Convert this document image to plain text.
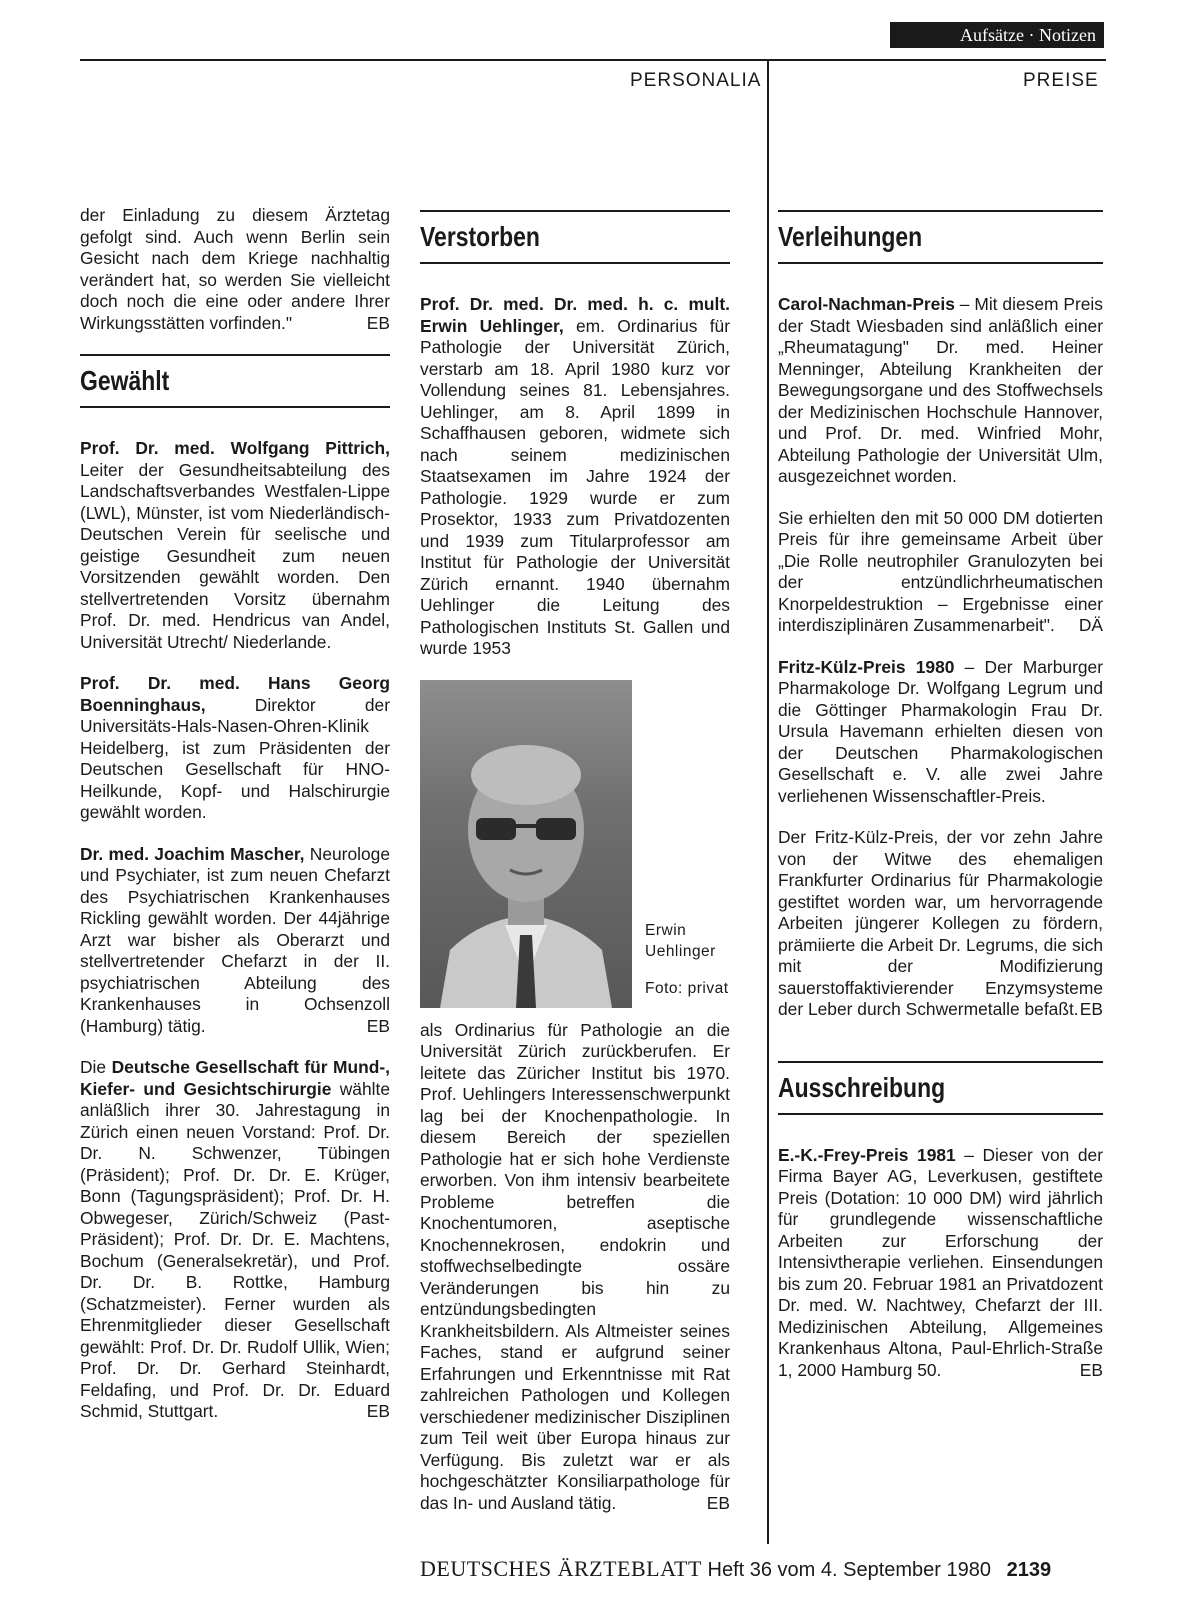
Aufsätze · Notizen
PERSONALIA	PREISE

der Einladung zu diesem Ärztetag gefolgt sind. Auch wenn Berlin sein Gesicht nach dem Kriege nachhaltig verändert hat, so werden Sie vielleicht doch noch die eine oder andere Ihrer Wirkungsstätten vorfinden."	EB

Gewählt

Prof. Dr. med. Wolfgang Pittrich, Leiter der Gesundheitsabteilung des Landschaftsverbandes Westfalen-Lippe (LWL), Münster, ist vom Niederländisch-Deutschen Verein für seelische und geistige Gesundheit zum neuen Vorsitzenden gewählt worden. Den stellvertretenden Vorsitz übernahm Prof. Dr. med. Hendricus van Andel, Universität Utrecht/ Niederlande.

Prof. Dr. med. Hans Georg Boenninghaus, Direktor der Universitäts-Hals-Nasen-Ohren-Klinik Heidelberg, ist zum Präsidenten der Deutschen Gesellschaft für HNO-Heilkunde, Kopf- und Halschirurgie gewählt worden.

Dr. med. Joachim Mascher, Neurologe und Psychiater, ist zum neuen Chefarzt des Psychiatrischen Krankenhauses Rickling gewählt worden. Der 44jährige Arzt war bisher als Oberarzt und stellvertretender Chefarzt in der II. psychiatrischen Abteilung des Krankenhauses in Ochsenzoll (Hamburg) tätig.	EB

Die Deutsche Gesellschaft für Mund-, Kiefer- und Gesichtschirurgie wählte anläßlich ihrer 30. Jahrestagung in Zürich einen neuen Vorstand: Prof. Dr. Dr. N. Schwenzer, Tübingen (Präsident); Prof. Dr. Dr. E. Krüger, Bonn (Tagungspräsident); Prof. Dr. H. Obwegeser, Zürich/Schweiz (Past-Präsident); Prof. Dr. Dr. E. Machtens, Bochum (Generalsekretär), und Prof. Dr. Dr. B. Rottke, Hamburg (Schatzmeister). Ferner wurden als Ehrenmitglieder dieser Gesellschaft gewählt: Prof. Dr. Dr. Rudolf Ullik, Wien; Prof. Dr. Dr. Gerhard Steinhardt, Feldafing, und Prof. Dr. Dr. Eduard Schmid, Stuttgart.	EB

Verstorben

Prof. Dr. med. Dr. med. h. c. mult. Erwin Uehlinger, em. Ordinarius für Pathologie der Universität Zürich, verstarb am 18. April 1980 kurz vor Vollendung seines 81. Lebensjahres. Uehlinger, am 8. April 1899 in Schaffhausen geboren, widmete sich nach seinem medizinischen Staatsexamen im Jahre 1924 der Pathologie. 1929 wurde er zum Prosektor, 1933 zum Privatdozenten und 1939 zum Titularprofessor am Institut für Pathologie der Universität Zürich ernannt. 1940 übernahm Uehlinger die Leitung des Pathologischen Instituts St. Gallen und wurde 1953

Erwin
Uehlinger
Foto: privat

als Ordinarius für Pathologie an die Universität Zürich zurückberufen. Er leitete das Züricher Institut bis 1970. Prof. Uehlingers Interessenschwerpunkt lag bei der Knochenpathologie. In diesem Bereich der speziellen Pathologie hat er sich hohe Verdienste erworben. Von ihm intensiv bearbeitete Probleme betreffen die Knochentumoren, aseptische Knochennekrosen, endokrin und stoffwechselbedingte ossäre Veränderungen bis hin zu entzündungsbedingten Krankheitsbildern. Als Altmeister seines Faches, stand er aufgrund seiner Erfahrungen und Erkenntnisse mit Rat zahlreichen Pathologen und Kollegen verschiedener medizinischer Disziplinen zum Teil weit über Europa hinaus zur Verfügung. Bis zuletzt war er als hochgeschätzter Konsiliarpathologe für das In- und Ausland tätig.	EB

Verleihungen

Carol-Nachman-Preis – Mit diesem Preis der Stadt Wiesbaden sind anläßlich einer „Rheumatagung" Dr. med. Heiner Menninger, Abteilung Krankheiten der Bewegungsorgane und des Stoffwechsels der Medizinischen Hochschule Hannover, und Prof. Dr. med. Winfried Mohr, Abteilung Pathologie der Universität Ulm, ausgezeichnet worden.

Sie erhielten den mit 50 000 DM dotierten Preis für ihre gemeinsame Arbeit über „Die Rolle neutrophiler Granulozyten bei der entzündlichrheumatischen Knorpeldestruktion – Ergebnisse einer interdisziplinären Zusammenarbeit". DÄ

Fritz-Külz-Preis 1980 – Der Marburger Pharmakologe Dr. Wolfgang Legrum und die Göttinger Pharmakologin Frau Dr. Ursula Havemann erhielten diesen von der Deutschen Pharmakologischen Gesellschaft e. V. alle zwei Jahre verliehenen Wissenschaftler-Preis.

Der Fritz-Külz-Preis, der vor zehn Jahre von der Witwe des ehemaligen Frankfurter Ordinarius für Pharmakologie gestiftet worden war, um hervorragende Arbeiten jüngerer Kollegen zu fördern, prämiierte die Arbeit Dr. Legrums, die sich mit der Modifizierung sauerstoffaktivierender Enzymsysteme der Leber durch Schwermetalle befaßt. EB

Ausschreibung

E.-K.-Frey-Preis 1981 – Dieser von der Firma Bayer AG, Leverkusen, gestiftete Preis (Dotation: 10 000 DM) wird jährlich für grundlegende wissenschaftliche Arbeiten zur Erforschung der Intensivtherapie verliehen. Einsendungen bis zum 20. Februar 1981 an Privatdozent Dr. med. W. Nachtwey, Chefarzt der III. Medizinischen Abteilung, Allgemeines Krankenhaus Altona, Paul-Ehrlich-Straße 1, 2000 Hamburg 50.	EB

DEUTSCHES ÄRZTEBLATT Heft 36 vom 4. September 1980 2139
